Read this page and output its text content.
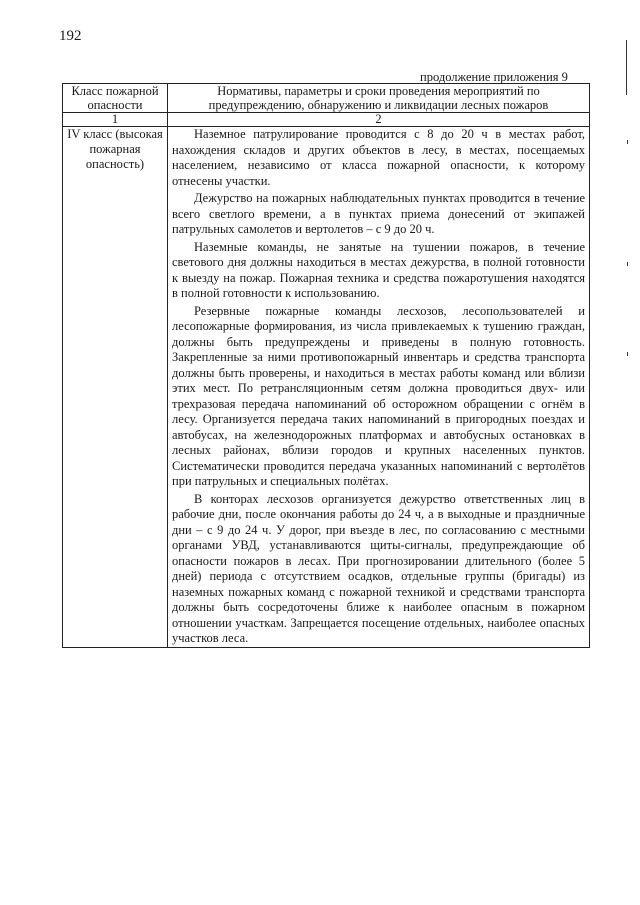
192
продолжение приложения 9
Класс пожарной опасности	Нормативы, параметры и сроки проведения мероприятий по предупреждению, обнаружению и ликвидации лесных пожаров
1	2
IV класс (высокая пожарная опасность)	Наземное патрулирование проводится с 8 до 20 ч в местах работ, нахождения складов и других объектов в лесу, в местах, посещаемых населением, независимо от класса пожарной опасности, к которому отнесены участки.

Дежурство на пожарных наблюдательных пунктах проводится в течение всего светлого времени, а в пунктах приема донесений от экипажей патрульных самолетов и вертолетов – с 9 до 20 ч.

Наземные команды, не занятые на тушении пожаров, в течение светового дня должны находиться в местах дежурства, в полной готовности к выезду на пожар. Пожарная техника и средства пожаротушения находятся в полной готовности к использованию.

Резервные пожарные команды лесхозов, лесопользователей и лесопожарные формирования, из числа привлекаемых к тушению граждан, должны быть предупреждены и приведены в полную готовность. Закрепленные за ними противопожарный инвентарь и средства транспорта должны быть проверены, и находиться в местах работы команд или вблизи этих мест. По ретрансляционным сетям должна проводиться двух- или трехразовая передача напоминаний об осторожном обращении с огнём в лесу. Организуется передача таких напоминаний в пригородных поездах и автобусах, на железнодорожных платформах и автобусных остановках в лесных районах, вблизи городов и крупных населенных пунктов. Систематически проводится передача указанных напоминаний с вертолётов при патрульных и специальных полётах.

В конторах лесхозов организуется дежурство ответственных лиц в рабочие дни, после окончания работы до 24 ч, а в выходные и праздничные дни – с 9 до 24 ч. У дорог, при въезде в лес, по согласованию с местными органами УВД, устанавливаются щиты-сигналы, предупреждающие об опасности пожаров в лесах. При прогнозировании длительного (более 5 дней) периода с отсутствием осадков, отдельные группы (бригады) из наземных пожарных команд с пожарной техникой и средствами транспорта должны быть сосредоточены ближе к наиболее опасным в пожарном отношении участкам. Запрещается посещение отдельных, наиболее опасных участков леса.
